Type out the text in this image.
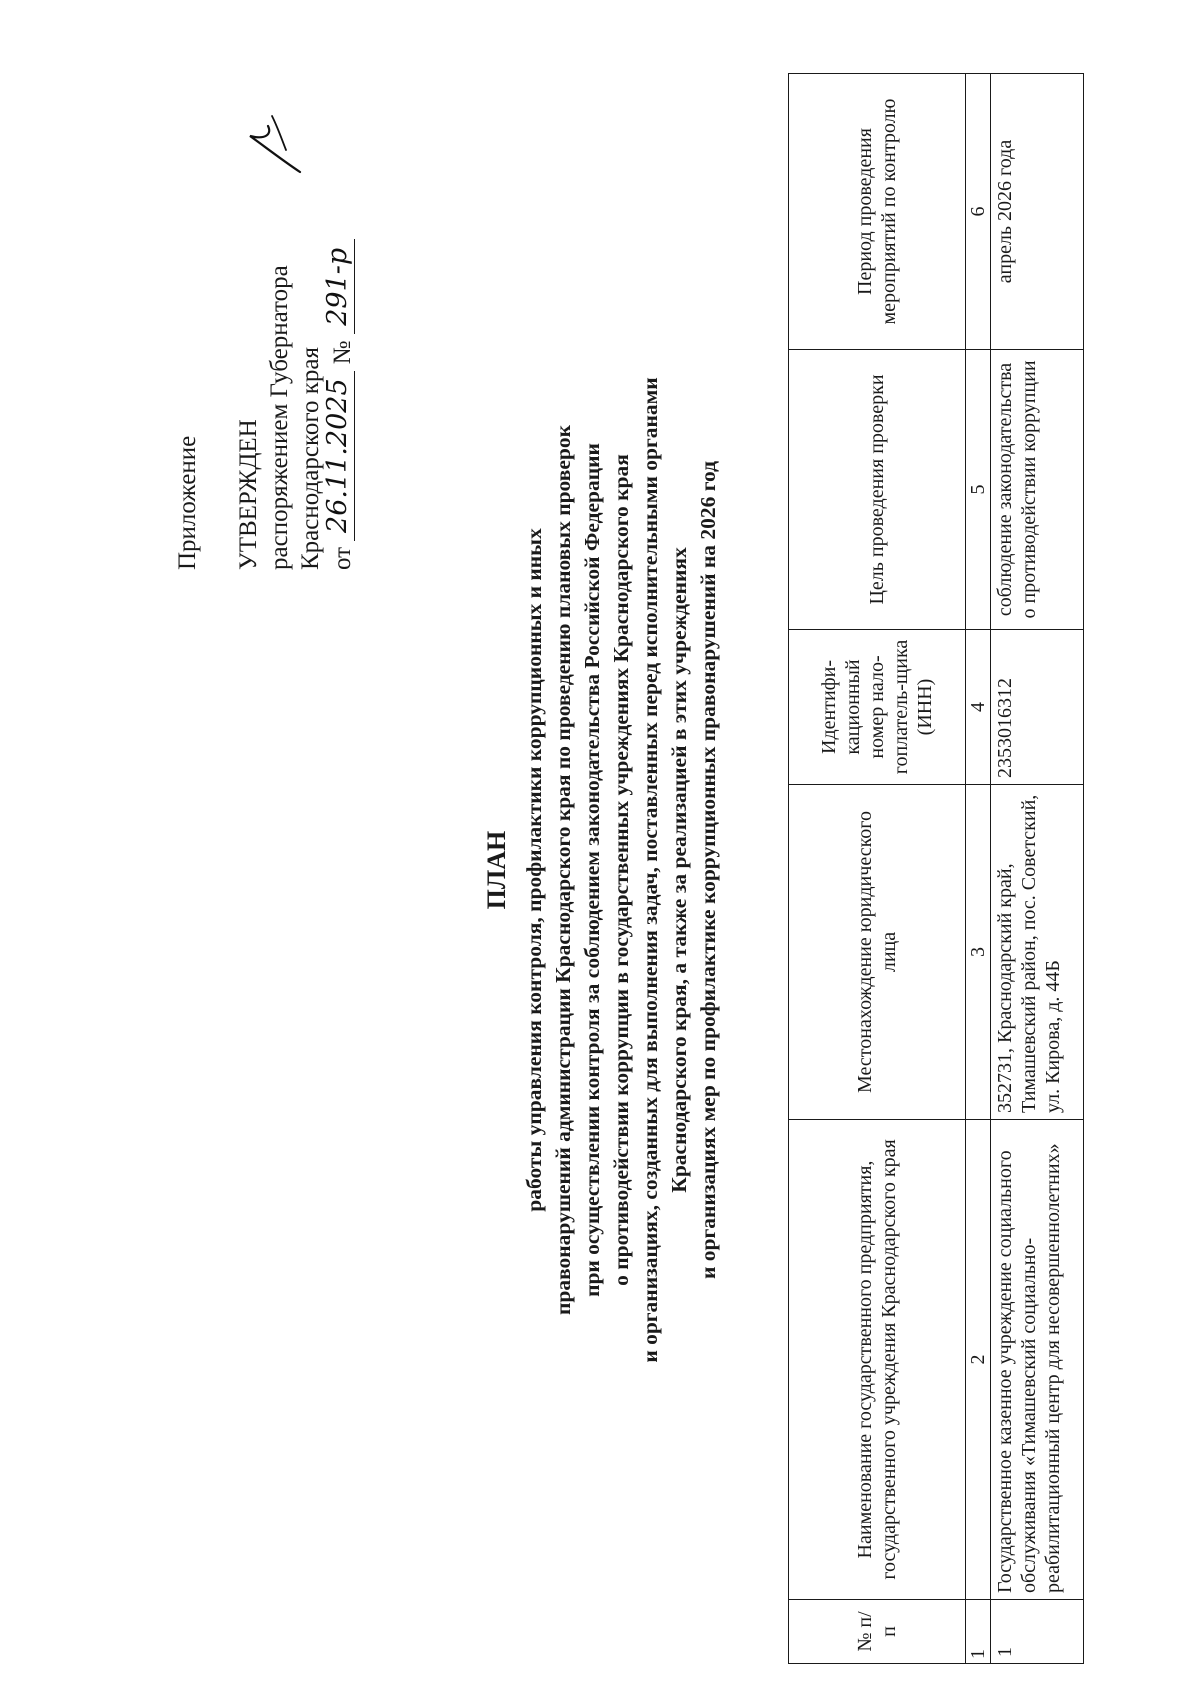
Приложение УТВЕРЖДЕН распоряжением Губернатора Краснодарского края от 26.11.2025 № 291-р
ПЛАН работы управления контроля, профилактики коррупционных и иных правонарушений администрации Краснодарского края по проведению плановых проверок при осуществлении контроля за соблюдением законодательства Российской Федерации о противодействии коррупции в государственных учреждениях Краснодарского края и организациях, созданных для выполнения задач, поставленных перед исполнительными органами Краснодарского края, а также за реализацией в этих учреждениях и организациях мер по профилактике коррупционных правонарушений на 2026 год
№ п/п	Наименование государственного предприятия, государственного учреждения Краснодарского края	Местонахождение юридического лица	Идентифи-кационный номер нало-гоплатель-щика (ИНН)	Цель проведения проверки	Период проведения мероприятий по контролю
1	2	3	4	5	6
1	Государственное казенное учреждение социального обслуживания «Тимашевский социально-реабилитационный центр для несовершеннолетних»	352731, Краснодарский край, Тимашевский район, пос. Советский, ул. Кирова, д. 44Б	2353016312	соблюдение законодательства о противодействии коррупции	апрель 2026 года
